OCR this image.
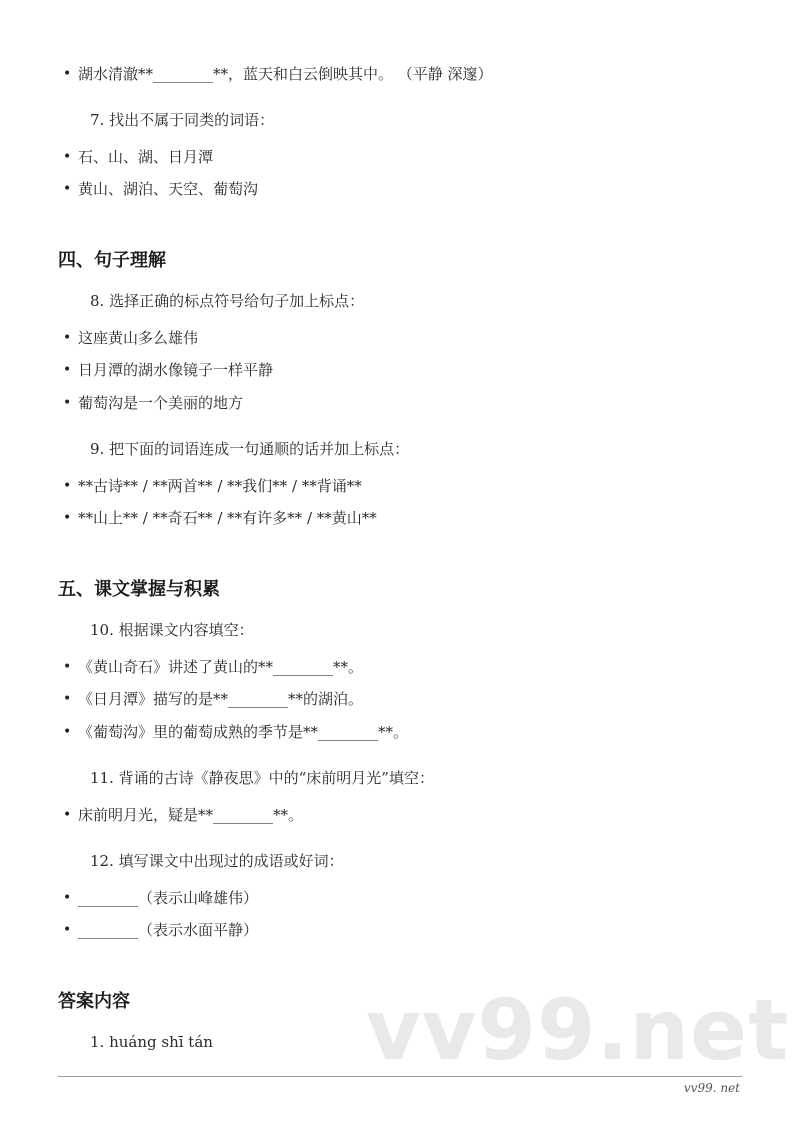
• 湖水清澈**________**，蓝天和白云倒映其中。 （平静 深邃）
7. 找出不属于同类的词语：
• 石、山、湖、日月潭
• 黄山、湖泊、天空、葡萄沟
四、句子理解
8. 选择正确的标点符号给句子加上标点：
• 这座黄山多么雄伟
• 日月潭的湖水像镜子一样平静
• 葡萄沟是一个美丽的地方
9. 把下面的词语连成一句通顺的话并加上标点：
• **古诗** / **两首** / **我们** / **背诵**
• **山上** / **奇石** / **有许多** / **黄山**
五、课文掌握与积累
10. 根据课文内容填空：
• 《黄山奇石》讲述了黄山的**________**。
• 《日月潭》描写的是**________**的湖泊。
• 《葡萄沟》里的葡萄成熟的季节是**________**。
11. 背诵的古诗《静夜思》中的“床前明月光”填空：
• 床前明月光，疑是**________**。
12. 填写课文中出现过的成语或好词：
• ________（表示山峰雄伟）
• ________（表示水面平静）
vv99.net
答案内容
1. huáng shī tán
vv99. net
